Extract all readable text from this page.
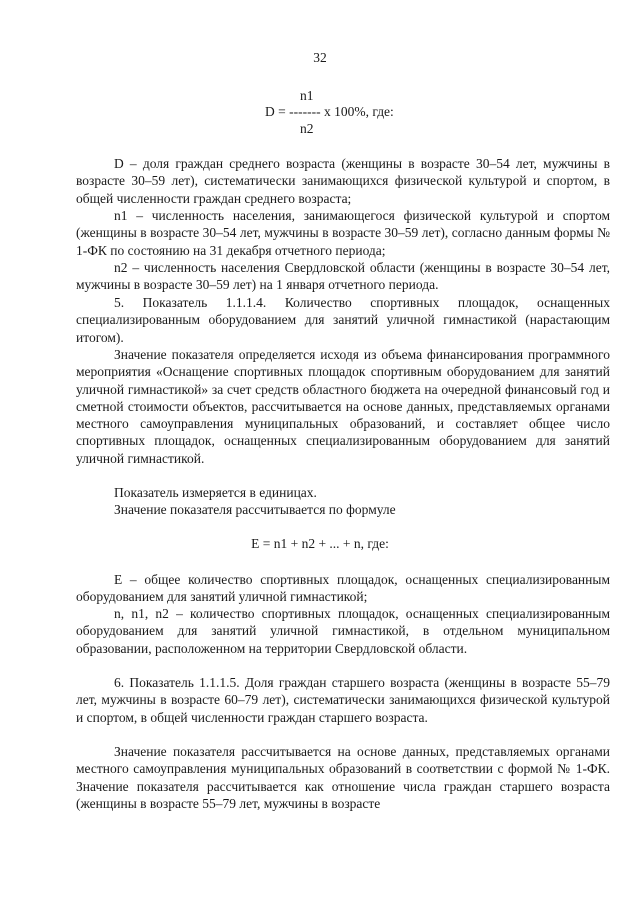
32
n1
D = ------- x 100%, где:
n2

D – доля граждан среднего возраста (женщины в возрасте 30–54 лет, мужчины в возрасте 30–59 лет), систематически занимающихся физической культурой и спортом, в общей численности граждан среднего возраста;

n1 – численность населения, занимающегося физической культурой и спортом (женщины в возрасте 30–54 лет, мужчины в возрасте 30–59 лет), согласно данным формы № 1-ФК по состоянию на 31 декабря отчетного периода;

n2 – численность населения Свердловской области (женщины в возрасте 30–54 лет, мужчины в возрасте 30–59 лет) на 1 января отчетного периода.

5. Показатель 1.1.1.4. Количество спортивных площадок, оснащенных специализированным оборудованием для занятий уличной гимнастикой (нарастающим итогом).

Значение показателя определяется исходя из объема финансирования программного мероприятия «Оснащение спортивных площадок спортивным оборудованием для занятий уличной гимнастикой» за счет средств областного бюджета на очередной финансовый год и сметной стоимости объектов, рассчитывается на основе данных, представляемых органами местного самоуправления муниципальных образований, и составляет общее число спортивных площадок, оснащенных специализированным оборудованием для занятий уличной гимнастикой.

Показатель измеряется в единицах.

Значение показателя рассчитывается по формуле

E = n1 + n2 + ... + n, где:

E – общее количество спортивных площадок, оснащенных специализированным оборудованием для занятий уличной гимнастикой;

n, n1, n2 – количество спортивных площадок, оснащенных специализированным оборудованием для занятий уличной гимнастикой, в отдельном муниципальном образовании, расположенном на территории Свердловской области.

6. Показатель 1.1.1.5. Доля граждан старшего возраста (женщины в возрасте 55–79 лет, мужчины в возрасте 60–79 лет), систематически занимающихся физической культурой и спортом, в общей численности граждан старшего возраста.

Значение показателя рассчитывается на основе данных, представляемых органами местного самоуправления муниципальных образований в соответствии с формой № 1-ФК. Значение показателя рассчитывается как отношение числа граждан старшего возраста (женщины в возрасте 55–79 лет, мужчины в возрасте
